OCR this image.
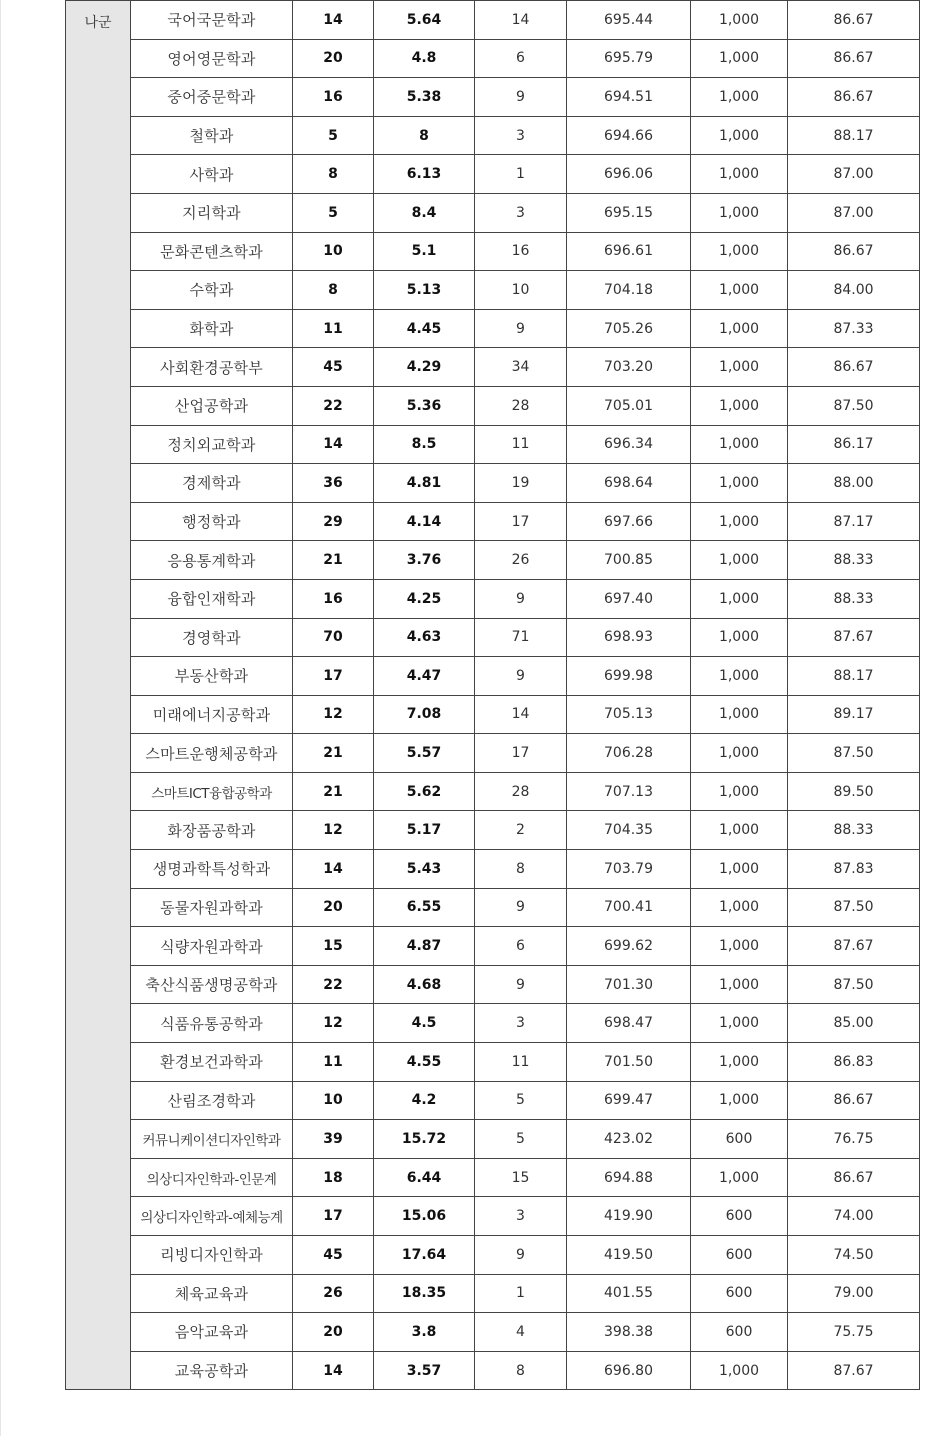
나군	국어국문학과	14	5.64	14	695.44	1,000	86.67
	영어영문학과	20	4.8	6	695.79	1,000	86.67
	중어중문학과	16	5.38	9	694.51	1,000	86.67
	철학과	5	8	3	694.66	1,000	88.17
	사학과	8	6.13	1	696.06	1,000	87.00
	지리학과	5	8.4	3	695.15	1,000	87.00
	문화콘텐츠학과	10	5.1	16	696.61	1,000	86.67
	수학과	8	5.13	10	704.18	1,000	84.00
	화학과	11	4.45	9	705.26	1,000	87.33
	사회환경공학부	45	4.29	34	703.20	1,000	86.67
	산업공학과	22	5.36	28	705.01	1,000	87.50
	정치외교학과	14	8.5	11	696.34	1,000	86.17
	경제학과	36	4.81	19	698.64	1,000	88.00
	행정학과	29	4.14	17	697.66	1,000	87.17
	응용통계학과	21	3.76	26	700.85	1,000	88.33
	융합인재학과	16	4.25	9	697.40	1,000	88.33
	경영학과	70	4.63	71	698.93	1,000	87.67
	부동산학과	17	4.47	9	699.98	1,000	88.17
	미래에너지공학과	12	7.08	14	705.13	1,000	89.17
	스마트운행체공학과	21	5.57	17	706.28	1,000	87.50
	스마트ICT융합공학과	21	5.62	28	707.13	1,000	89.50
	화장품공학과	12	5.17	2	704.35	1,000	88.33
	생명과학특성학과	14	5.43	8	703.79	1,000	87.83
	동물자원과학과	20	6.55	9	700.41	1,000	87.50
	식량자원과학과	15	4.87	6	699.62	1,000	87.67
	축산식품생명공학과	22	4.68	9	701.30	1,000	87.50
	식품유통공학과	12	4.5	3	698.47	1,000	85.00
	환경보건과학과	11	4.55	11	701.50	1,000	86.83
	산림조경학과	10	4.2	5	699.47	1,000	86.67
	커뮤니케이션디자인학과	39	15.72	5	423.02	600	76.75
	의상디자인학과-인문계	18	6.44	15	694.88	1,000	86.67
	의상디자인학과-예체능계	17	15.06	3	419.90	600	74.00
	리빙디자인학과	45	17.64	9	419.50	600	74.50
	체육교육과	26	18.35	1	401.55	600	79.00
	음악교육과	20	3.8	4	398.38	600	75.75
	교육공학과	14	3.57	8	696.80	1,000	87.67
